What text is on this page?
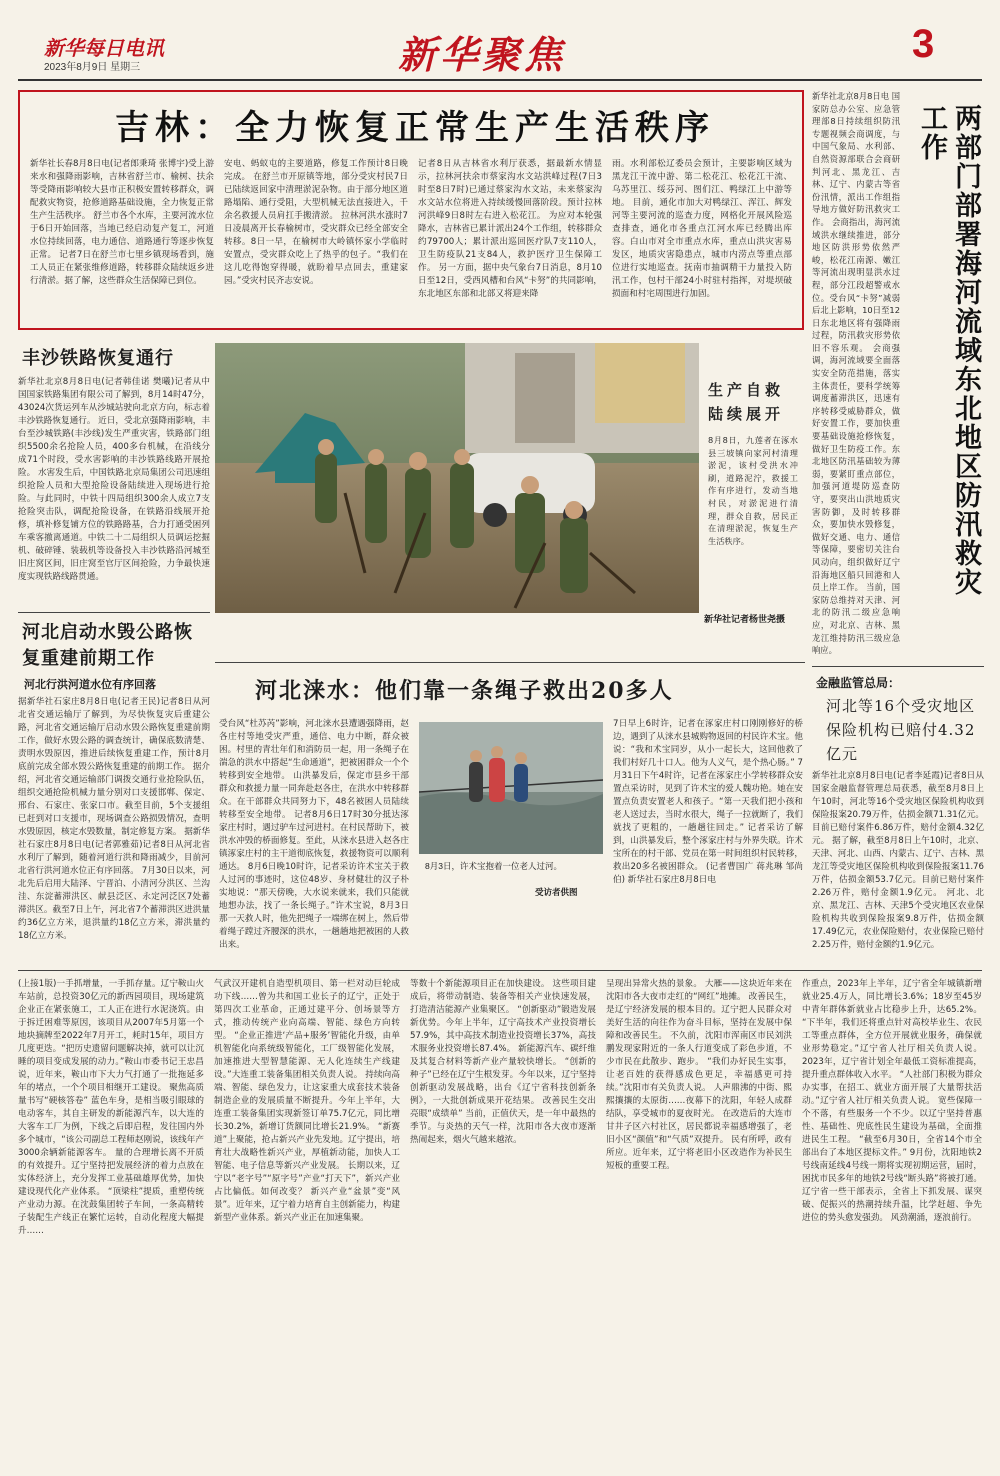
新华每日电讯
2023年8月9日 星期三	新华聚焦	3
吉林：全力恢复正常生产生活秩序
新华社长春8月8日电(记者郎秉琦 张博宇)受上游来水和强降雨影响，吉林省舒兰市、榆树、扶余等受降雨影响较大县市正积极安置转移群众，调配救灾物资，抢修道路基础设施，全力恢复正常生产生活秩序。 舒兰市各个水库，主要河流水位于6日开始回落，当地已经启动复产复工，河道水位持续回落，电力通信、道路通行等逐步恢复正常。 记者7日在舒兰市七里乡镇现场看到，施工人员正在紧张维修道路，转移群众陆续返乡进行清淤。据了解，这些群众生活保障已到位。
安电、蚂蚁屯的主要道路，修复工作预计8日晚完成。 在舒兰市开原镇等地，部分受灾村民7日已陆续返回家中清理淤泥杂物。由于部分地区道路塌陷、通行受阻，大型机械无法直接进入，千余名救援人员肩扛手搬清淤。 拉林河洪水涨时7日凌晨离开长春榆树市，受灾群众已经全部安全转移。8日一早，在榆树市大岭镇怀家小学临时安置点，受灾群众吃上了热乎的包子。“我们在这儿吃得饱穿得暖，就盼着早点回去，重建家园。”受灾村民齐志安说。
记者8日从吉林省水利厅获悉，据最新水情显示，拉林河扶余市蔡家沟水文站洪峰过程(7日3时至8日7时)已通过蔡家沟水文站，未来蔡家沟水文站水位将进入持续缓慢回落阶段。预计拉林河洪峰9日8时左右进入松花江。 为应对本轮强降水，吉林省已累计派出24个工作组，转移群众约79700人；累计派出巡回医疗队7支110人，卫生防疫队21支84人，救护医疗卫生保障工作。 另一方面，据中央气象台7日消息，8月10日至12日，受西风槽和台风“卡努”的共同影响，东北地区东部和北部又将迎来降
雨。水利部松辽委员会预计，主要影响区域为黑龙江干流中游、第二松花江、松花江干流、乌苏里江、绥芬河、图们江、鸭绿江上中游等地。 目前，通化市加大对鸭绿江、浑江、辉发河等主要河流的巡查力度，网格化开展风险巡查排查，通化市各重点江河水库已经腾出库容。白山市对全市重点水库，重点山洪灾害易发区，地质灾害隐患点，城市内涝点等重点部位进行实地巡查。抚南市抽调精干力量投入防汛工作，包村干部24小时驻村指挥，对堤坝破损面和村宅周围进行加固。	两部门部署海河流域东北地区防汛救灾工作
新华社北京8月8日电 国家防总办公室、应急管理部8日持续组织防汛专题视频会商调度，与中国气象局、水利部、自然资源部联合会商研判河北、黑龙江、吉林、辽宁、内蒙古等省份汛情，派出工作组指导地方做好防汛救灾工作。 会商指出，海河流域洪水继续推进，部分地区防洪形势依然严峻，松花江南源、嫩江等河流出现明显洪水过程，部分江段超警戒水位。受台风“卡努”减弱后北上影响，10日至12日东北地区将有强降雨过程，防汛救灾形势依旧不容乐观。 会商强调，海河流域要全面落实安全防范措施，落实主体责任，要科学统筹调度蓄滞洪区，迅速有序转移受威胁群众，做好安置工作，要加快重要基础设施抢修恢复，做好卫生防疫工作。东北地区防汛基础较为薄弱，要紧盯重点部位，加强河道堤防巡查防守，要突出山洪地质灾害防御，及时转移群众，要加快水毁修复，做好交通、电力、通信等保障，要密切关注台风动向，组织做好辽宁沿海地区船只回港和人员上岸工作。 当前，国家防总维持对天津、河北的防汛二级应急响应，对北京、吉林、黑龙江维持防汛三级应急响应。
丰沙铁路恢复通行
新华社北京8月8日电(记者韩佳诺 樊曦)记者从中国国家铁路集团有限公司了解到，8月14时47分，43024次货运列车从沙城站驶向北京方向，标志着丰沙铁路恢复通行。 近日，受北京强降雨影响，丰台至沙城铁路(丰沙线)发生严重灾害，铁路部门组织5500余名抢险人员，400多台机械，在沿线分成71个时段，受水害影响的丰沙铁路线路开展抢险。 水害发生后，中国铁路北京局集团公司迅速组织抢险人员和大型抢险设备陆续进入现场进行抢险。与此同时，中铁十四局组织300余人成立7支抢险突击队，调配抢险设备，在铁路沿线展开抢修，填补修复铺方位的铁路路基，合力打通受困列车乘客撤离通道。中铁二十二局组织人员调运挖掘机、破碎锤、装载机等设备投入丰沙铁路沿河城至旧庄窝区间，旧庄窝至官厅区间抢险，力争最快速度实现铁路线路贯通。
河北启动水毁公路恢复重建前期工作
河北行洪河道水位有序回落
据新华社石家庄8月8日电(记者王民)记者8日从河北省交通运输厅了解到，为尽快恢复灾后重建公路，河北省交通运输厅启动水毁公路恢复重建前期工作，做好水毁公路的调查统计，确保底数清楚、责明水毁原因，推进后续恢复重建工作，预计8月底前完成全部水毁公路恢复重建的前期工作。 据介绍，河北省交通运输部门调拨交通行业抢险队伍，组织交通抢险机械力量分别对口支援邯郸、保定、邢台、石家庄、张家口市。截至目前，5个支援组已赶到对口支援市，现场调查公路损毁情况，查明水毁原因，核定水毁数量，制定修复方案。 据新华社石家庄8月8日电(记者郭雅茹)记者8日从河北省水利厅了解到，随着河道行洪和降雨减少，目前河北省行洪河道水位正有序回落。 7月30日以来，河北先后启用大陆泽、宁晋泊、小清河分洪区、兰沟洼、东淀蓄滞洪区、献县泛区、永定河泛区7处蓄滞洪区。截至7日上午，河北省7个蓄滞洪区进洪量约36亿立方米，退洪量约18亿立方米，滞洪量约18亿立方米。
生产自救陆续展开
8月8日，九莲者在涿水县三坡镇向家河村清理淤泥，该村受洪水冲刷，道路泥泞，救援工作有序进行，发动当地村民，对淤泥进行清理，群众自救，居民正在清理淤泥，恢复生产生活秩序。
新华社记者杨世尧摄
河北涞水：他们靠一条绳子救出20多人
受台风“杜苏芮”影响，河北涞水县遭遇强降雨，赵各庄村等地受灾严重，通信、电力中断，群众被困。村里的青壮年们和消防员一起，用一条绳子在湍急的洪水中搭起“生命通道”，把被困群众一个个转移到安全地带。 山洪暴发后，保定市县乡干部群众和救援力量一同奔赴赵各庄，在洪水中转移群众。在干部群众共同努力下，48名被困人员陆续转移至安全地带。 记者8月6日17时30分抵达涿家庄村时，遇过驴车过河进村。在村民帮助下，被洪水冲毁的桥面修复。至此，从涞水县进入赵各庄镇涿家庄村的主干道彻底恢复，救援物资可以顺利通达。 8月6日晚10时许，记者采访许术宝关于救人过河的事迹时，这位48岁、身材健壮的汉子朴实地说：“那天傍晚，大水说来就来，我们只能就地想办法，找了一条长绳子。”许术宝说，8月3日那一天救人时，他先把绳子一端绑在树上，然后带着绳子蹚过齐腰深的洪水，一趟趟地把被困的人救出来。
8月3日，许术宝抱着一位老人过河。
受访者供图
7日早上6时许，记者在涿家庄村口刚刚修好的桥边，遇到了从涞水县城购物返回的村民许术宝。他说：“我和术宝同岁，从小一起长大，这回他救了我们村好几十口人。他为人义气，是个热心肠。” 7月31日下午4时许，记者在涿家庄小学转移群众安置点采访时，见到了许术宝的爱人魏功艳。她在安置点负责安置老人和孩子。“第一天我们把小孩和老人送过去，当时水很大，绳子一拉就断了，我们就找了更粗的，一趟趟往回走。” 记者采访了解到，山洪暴发后，整个涿家庄村与外界失联。许术宝所在的村干部、党员在第一时间组织村民转移，救出20多名被困群众。 (记者曹国广 蒋兆琳 邹尚伯) 新华社石家庄8月8日电
金融监管总局：
河北等16个受灾地区保险机构已赔付4.32亿元
新华社北京8月8日电(记者李延霞)记者8日从国家金融监督管理总局获悉，截至8月8日上午10时，河北等16个受灾地区保险机构收到保险报案20.79万件，估损金额71.31亿元。目前已赔付案件6.86万件，赔付金额4.32亿元。 据了解，截至8月8日上午10时，北京、天津、河北、山西、内蒙古、辽宁、吉林、黑龙江等受灾地区保险机构收到保险报案11.76万件，估损金额53.7亿元。目前已赔付案件2.26万件，赔付金额1.9亿元。 河北、北京、黑龙江、吉林、天津5个受灾地区农业保险机构共收到保险报案9.8万件，估损金额17.49亿元，农业保险赔付，农业保险已赔付2.25万件，赔付金额约1.9亿元。
(上接1版)一手抓增量，一手抓存量。辽宁鞍山火车站前，总投资30亿元的新西园项目，现场建筑企业正在紧张施工，工人正在进行水泥浇筑。由于拆迁困难等原因，该项目从2007年5月第一个地块摘牌至2022年7月开工，耗时15年，项目方几度更迭。“把历史遗留问题解决掉，就可以让沉睡的项目变成发展的动力。”鞍山市委书记王忠昌说，近年来，鞍山市下大力气打通了一批拖延多年的堵点，一个个项目相继开工建设。 聚焦高质量书写“硬核答卷” 蓝色车身，是相当吸引眼球的电动客车，其自主研发的新能源汽车，以大连的大客车工厂为例，下线之后即启程，发往国内外多个城市，“该公司副总工程师赵刚说，该线年产3000余辆新能源客车。 量的合理增长离不开质的有效提升。辽宁坚持把发展经济的着力点放在实体经济上，充分发挥工业基础雄厚优势，加快建设现代化产业体系。 “顶梁柱”提质，重塑传统产业动力源。在沈鼓集团转子车间，一条高精转子装配生产线正在繁忙运转，自动化程度大幅提升……
气武汉开建机自造型机项目、第一栏对动巨轮成功下线……曾为共和国工业长子的辽宁，正处于第四次工业革命，正通过建平分、创场景等方式，推动传统产业向高端、智能、绿色方向转型。 “企业正推进‘产品+服务’智能化升级，由单机智能化向系统级智能化，工厂级智能化发展，加速推进大型智慧能源、无人化连续生产线建设。”大连重工装备集团相关负责人说。 持续向高端、智能、绿色发力，让这家重大成套技术装备制造企业的发展质量不断提升。今年上半年，大连重工装备集团实现新签订单75.7亿元，同比增长30.2%，新增订货额同比增长21.9%。 “新赛道”上聚能，抢占新兴产业先发地。辽宁提出，培育壮大战略性新兴产业，厚植新动能，加快人工智能、电子信息等新兴产业发展。 长期以来，辽宁以“老字号”“原字号”产业“打天下”，新兴产业占比偏低。如何改变？ 新兴产业“盆景”变“风景”。近年来，辽宁着力培育自主创新能力，构建新型产业体系。新兴产业正在加速集聚。
等数十个新能源项目正在加快建设。 这些项目建成后，将带动制造、装备等相关产业快速发展，打造清洁能源产业集聚区。 “创新驱动”锻造发展新优势。今年上半年，辽宁高技术产业投资增长57.9%，其中高技术制造业投资增长37%，高技术服务业投资增长87.4%。 新能源汽车、碳纤维及其复合材料等新产业产量较快增长。 “创新的种子”已经在辽宁生根发芽。今年以来，辽宁坚持创新驱动发展战略，出台《辽宁省科技创新条例》，一大批创新成果开花结果。 改善民生交出亮眼“成绩单” 当前，正值伏天，是一年中最热的季节。与炎热的天气一样，沈阳市各大夜市逐渐热闹起来，烟火气越来越浓。
呈现出异常火热的景象。 大雁——这块近年来在沈阳市各大夜市走红的“网红”地摊。 改善民生，是辽宁经济发展的根本目的。辽宁把人民群众对美好生活的向往作为奋斗目标，坚持在发展中保障和改善民生。 不久前，沈阳市浑南区市民刘洪鹏发现家附近的一条人行道变成了彩色步道，不少市民在此散步、跑步。 “我们办好民生实事，让老百姓的获得感成色更足，幸福感更可持续。”沈阳市有关负责人说。 人声鼎沸的中街、熙熙攘攘的太原街……夜幕下的沈阳，年轻人成群结队，享受城市的夏夜时光。 在改造后的大连市甘井子区六村社区，居民都说幸福感增强了，老旧小区“颜值”和“气质”双提升。 民有所呼，政有所应。近年来，辽宁将老旧小区改造作为补民生短板的重要工程。
作重点，2023年上半年，辽宁省全年城镇新增就业25.4万人，同比增长3.6%；18岁至45岁中青年群体新就业占比稳步上升，达65.2%。 “下半年，我们还将重点针对高校毕业生、农民工等重点群体，全方位开展就业服务，确保就业形势稳定。”辽宁省人社厅相关负责人说。 2023年，辽宁省计划全年最低工资标准提高，提升重点群体收入水平。 “人社部门积极为群众办实事，在招工、就业方面开展了大量帮扶活动。”辽宁省人社厅相关负责人说。 宽些保障一个不落，有些服务一个不少。以辽宁坚持普惠性、基础性、兜底性民生建设为基础，全面推进民生工程。 “截至6月30日，全省14个市全部出台了本地区提标文件。” 9月份，沈阳地铁2号线南延线4号线一期将实现初期运营，届时，困扰市民多年的地铁2号线“断头路”将被打通。 辽宁省一些干部表示，全省上下抓发展、谋突破、促振兴的热潮持续升温，比学赶超、争先进位的势头愈发强劲。 风劲潮涌，逐浪前行。
